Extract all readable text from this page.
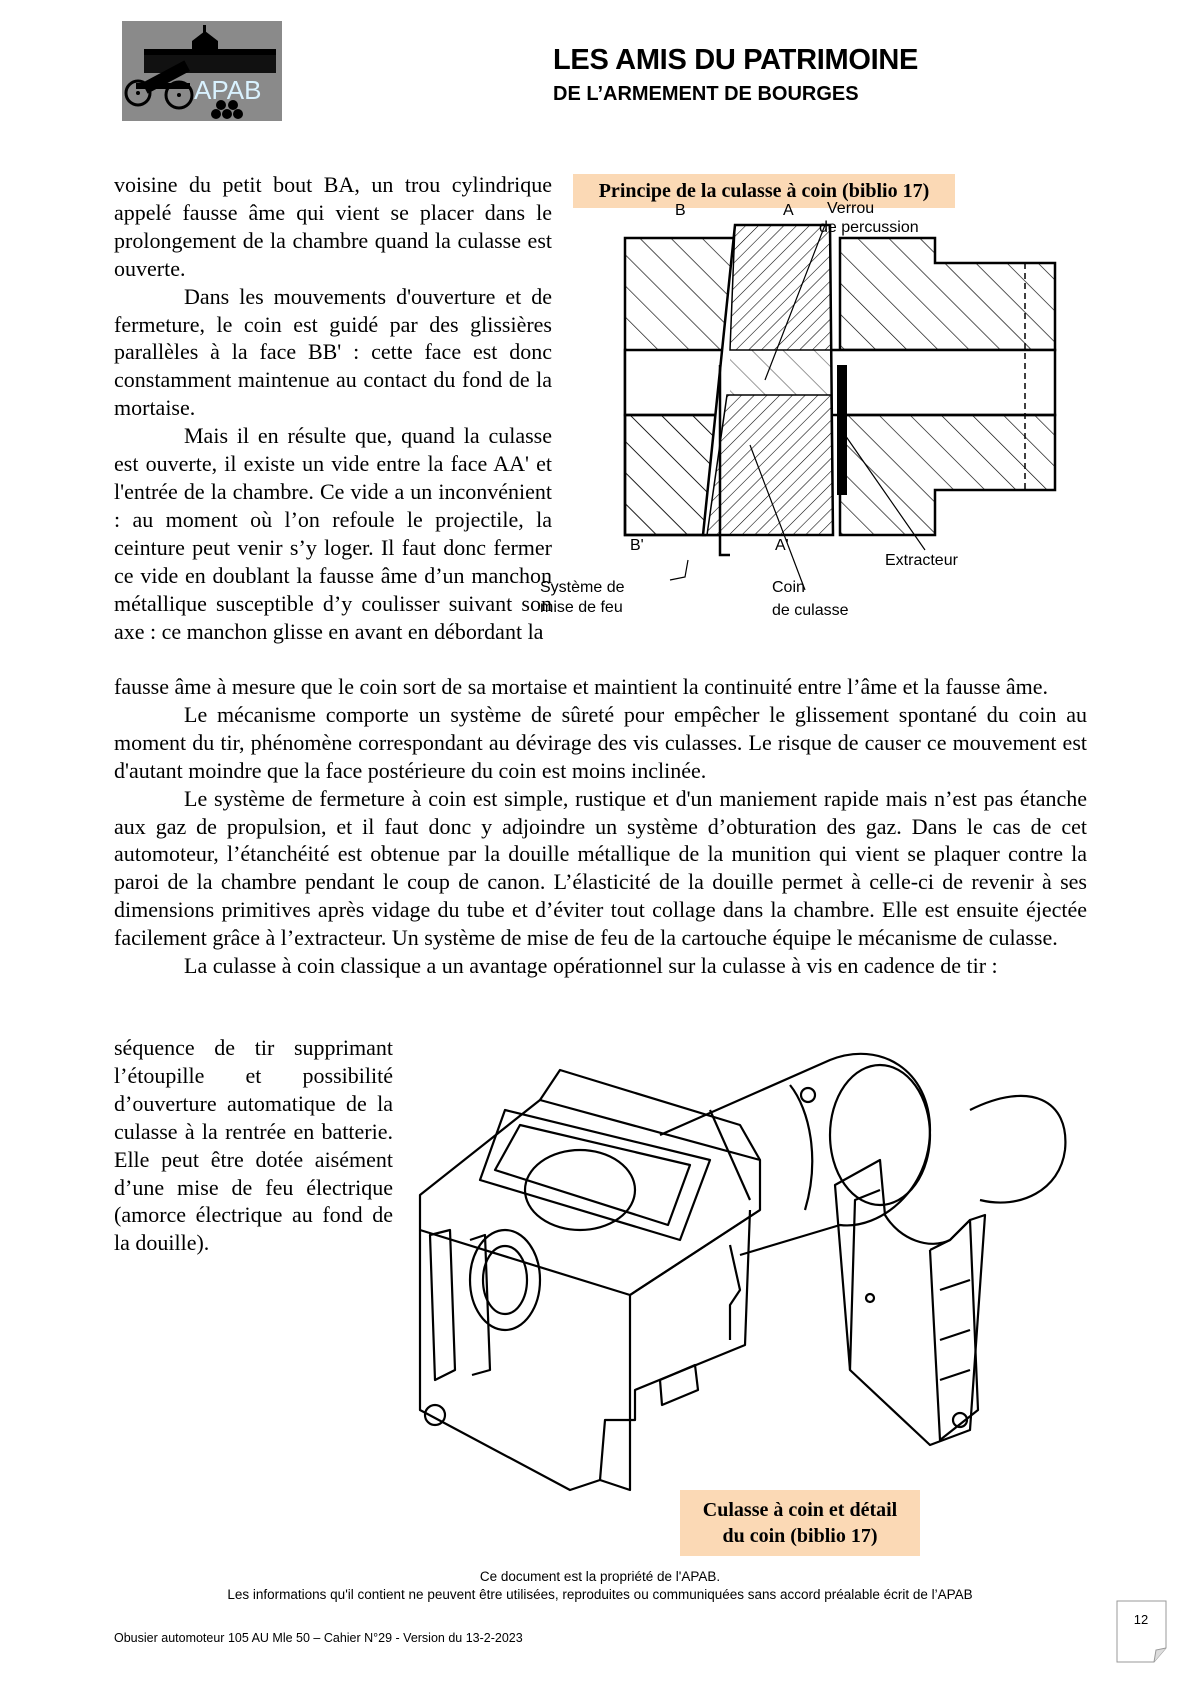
APAB
LES AMIS DU PATRIMOINE
DE L’ARMEMENT DE BOURGES

voisine du petit bout BA, un trou cylindrique appelé fausse âme qui vient se placer dans le prolongement de la chambre quand la culasse est ouverte.

Dans les mouvements d'ouverture et de fermeture, le coin est guidé par des glissières parallèles à la face BB' : cette face est donc constamment maintenue au contact du fond de la mortaise.

Mais il en résulte que, quand la culasse est ouverte, il existe un vide entre la face AA' et l'entrée de la chambre. Ce vide a un inconvénient : au moment où l’on refoule le projectile, la ceinture peut venir s’y loger. Il faut donc fermer ce vide en doublant la fausse âme d’un manchon métallique susceptible d’y coulisser suivant son axe : ce manchon glisse en avant en débordant la

Principe de la culasse à coin (biblio 17)
B	A Verrou
de percussion
B'	A'
Extracteur
Système de
mise de feu
Coin
de culasse

fausse âme à mesure que le coin sort de sa mortaise et maintient la continuité entre l’âme et la fausse âme.

Le mécanisme comporte un système de sûreté pour empêcher le glissement spontané du coin au moment du tir, phénomène correspondant au dévirage des vis culasses. Le risque de causer ce mouvement est d'autant moindre que la face postérieure du coin est moins inclinée.

Le système de fermeture à coin est simple, rustique et d'un maniement rapide mais n’est pas étanche aux gaz de propulsion, et il faut donc y adjoindre un système d’obturation des gaz. Dans le cas de cet automoteur, l’étanchéité est obtenue par la douille métallique de la munition qui vient se plaquer contre la paroi de la chambre pendant le coup de canon. L’élasticité de la douille permet à celle-ci de revenir à ses dimensions primitives après vidage du tube et d’éviter tout collage dans la chambre. Elle est ensuite éjectée facilement grâce à l’extracteur. Un système de mise de feu de la cartouche équipe le mécanisme de culasse.

La culasse à coin classique a un avantage opérationnel sur la culasse à vis en cadence de tir :

séquence de tir supprimant l’étoupille et possibilité d’ouverture automatique de la culasse à la rentrée en batterie. Elle peut être dotée aisément d’une mise de feu électrique (amorce électrique au fond de la douille).
Culasse à coin et détail
du coin (biblio 17)
Ce document est la propriété de l'APAB.
Les informations qu'il contient ne peuvent être utilisées, reproduites ou communiquées sans accord préalable écrit de l’APAB
Obusier automoteur 105 AU Mle 50 – Cahier N°29 - Version du 13-2-2023
12
